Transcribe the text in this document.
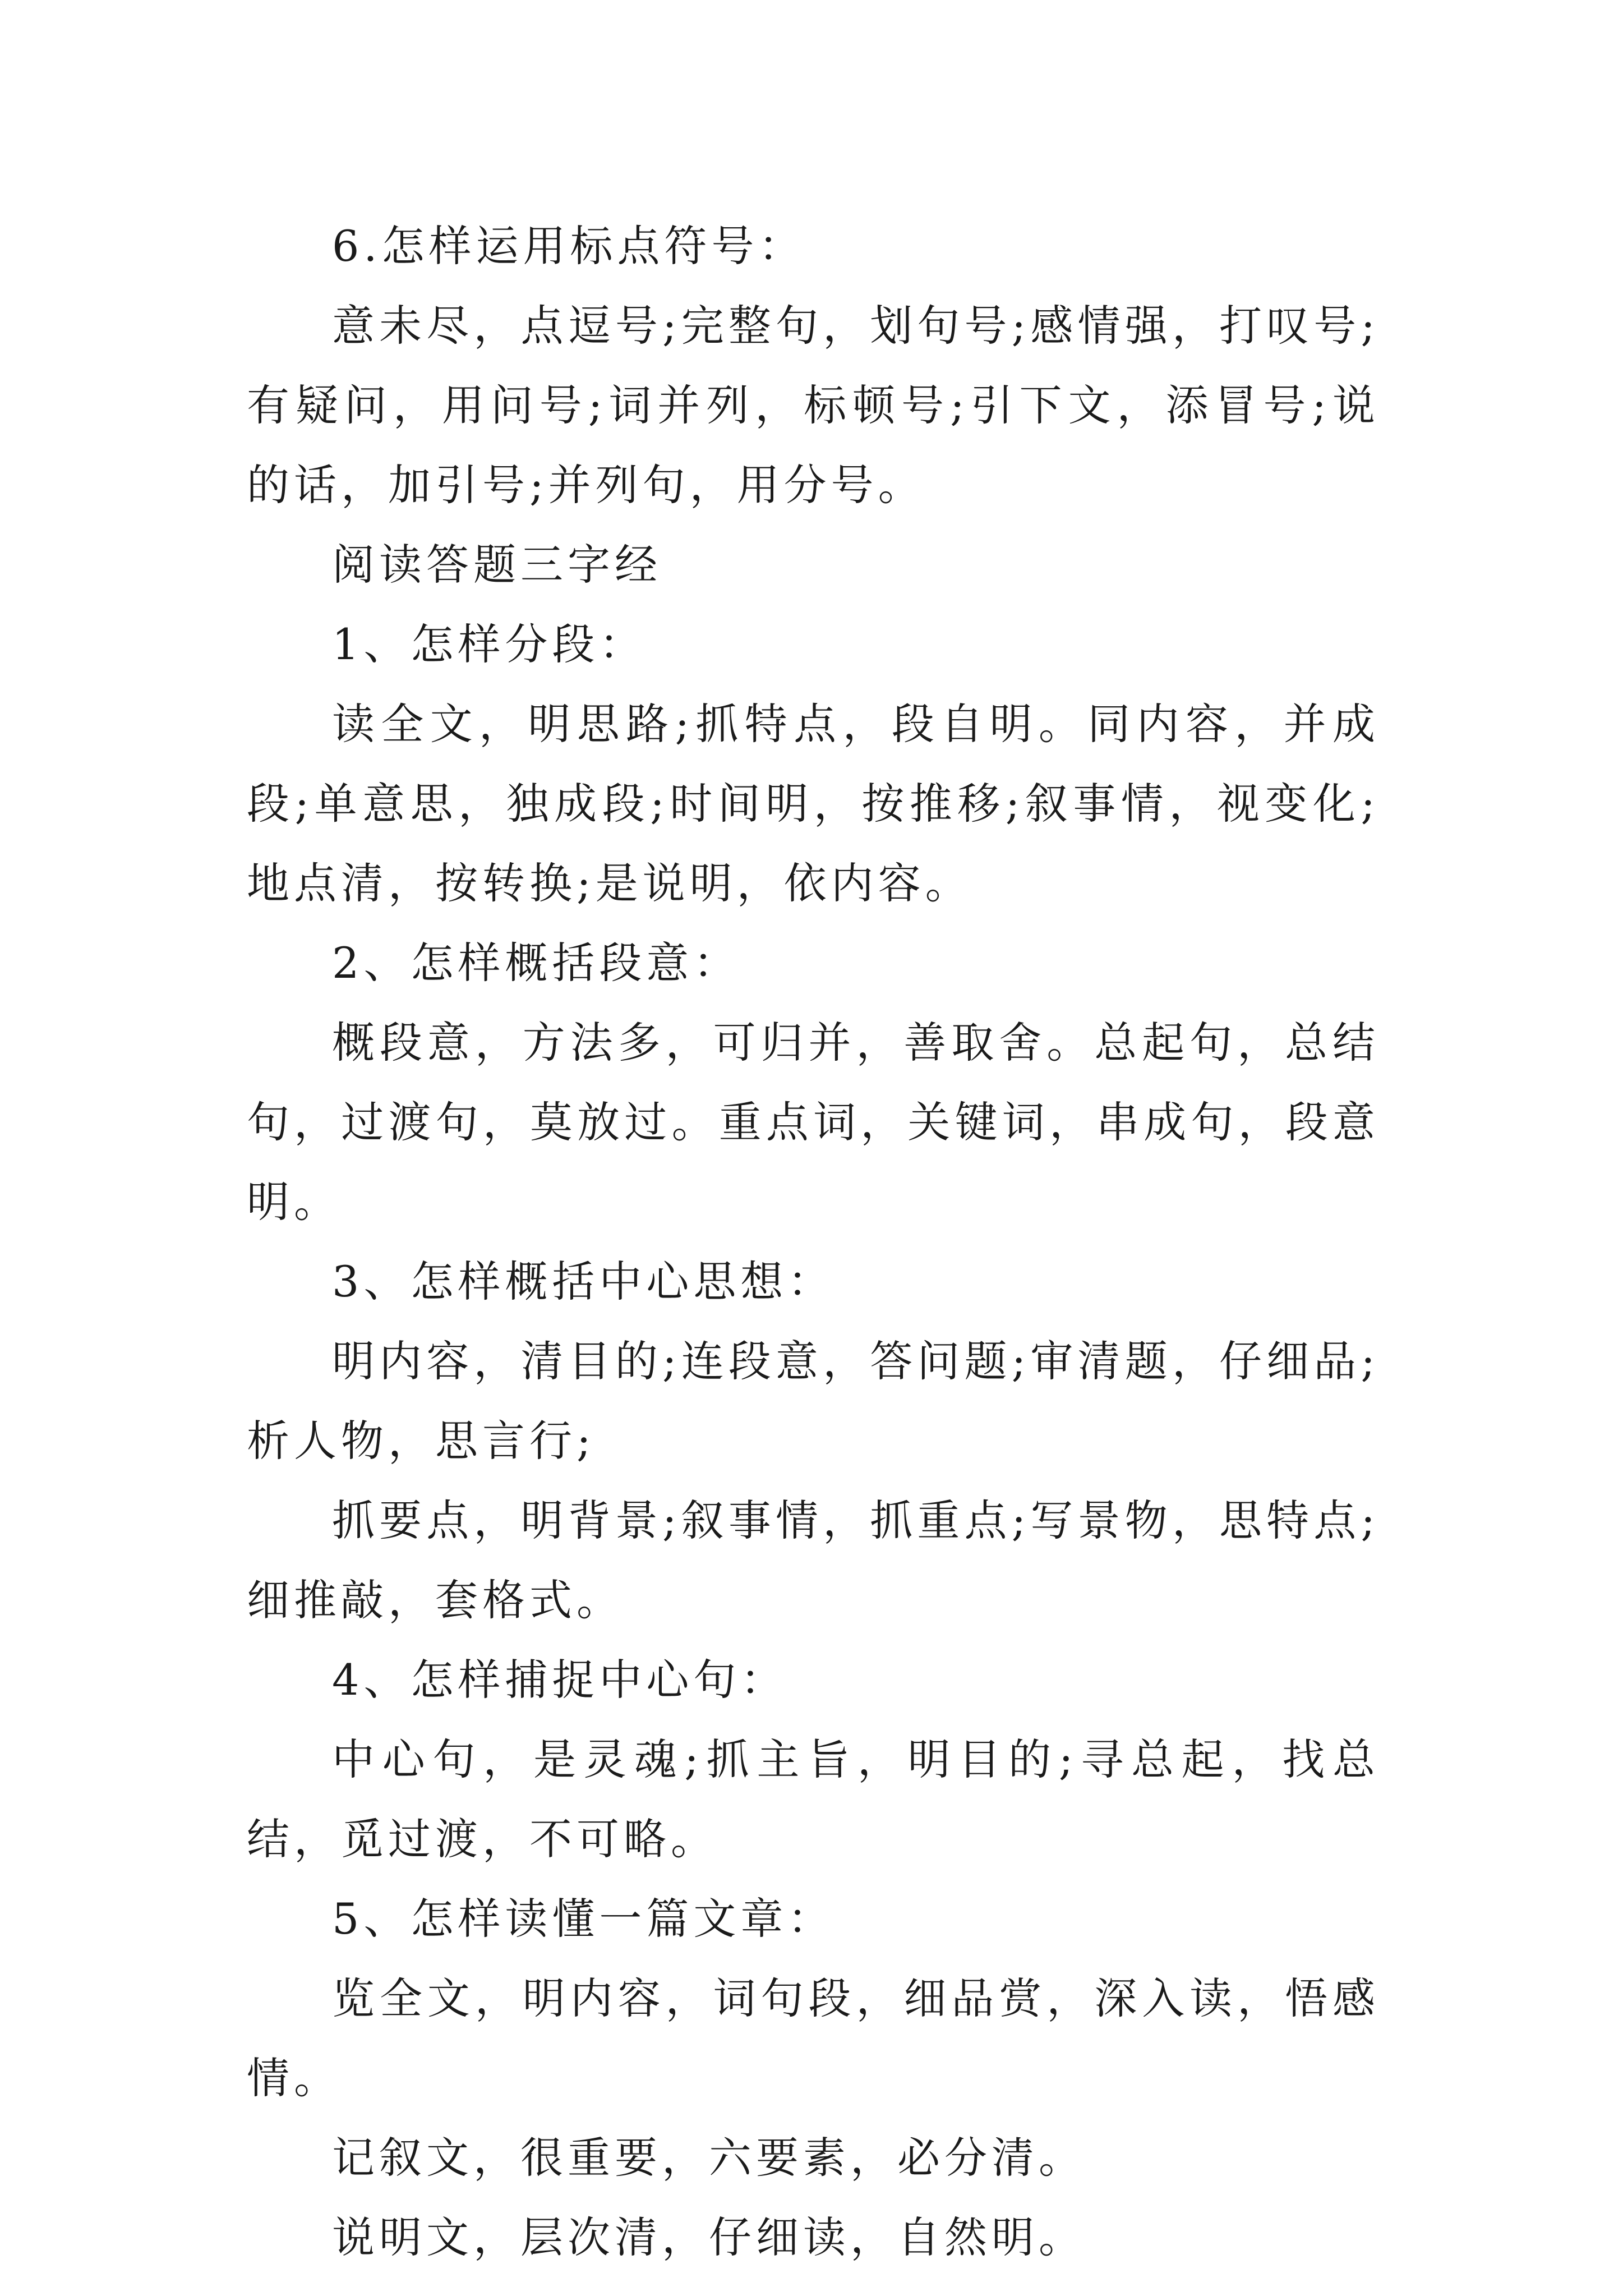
6.怎样运用标点符号：

意未尽，点逗号;完整句，划句号;感情强，打叹号;有疑问，用问号;词并列，标顿号;引下文，添冒号;说的话，加引号;并列句，用分号。

阅读答题三字经

1、怎样分段：

读全文，明思路;抓特点，段自明。同内容，并成段;单意思，独成段;时间明，按推移;叙事情，视变化;地点清，按转换;是说明，依内容。

2、怎样概括段意：

概段意，方法多，可归并，善取舍。总起句，总结句，过渡句，莫放过。重点词，关键词，串成句，段意明。

3、怎样概括中心思想：

明内容，清目的;连段意，答问题;审清题，仔细品;析人物，思言行;

抓要点，明背景;叙事情，抓重点;写景物，思特点;细推敲，套格式。

4、怎样捕捉中心句：

中心句，是灵魂;抓主旨，明目的;寻总起，找总结，觅过渡，不可略。

5、怎样读懂一篇文章：

览全文，明内容，词句段，细品赏，深入读，悟感情。

记叙文，很重要，六要素，必分清。

说明文，层次清，仔细读，自然明。
